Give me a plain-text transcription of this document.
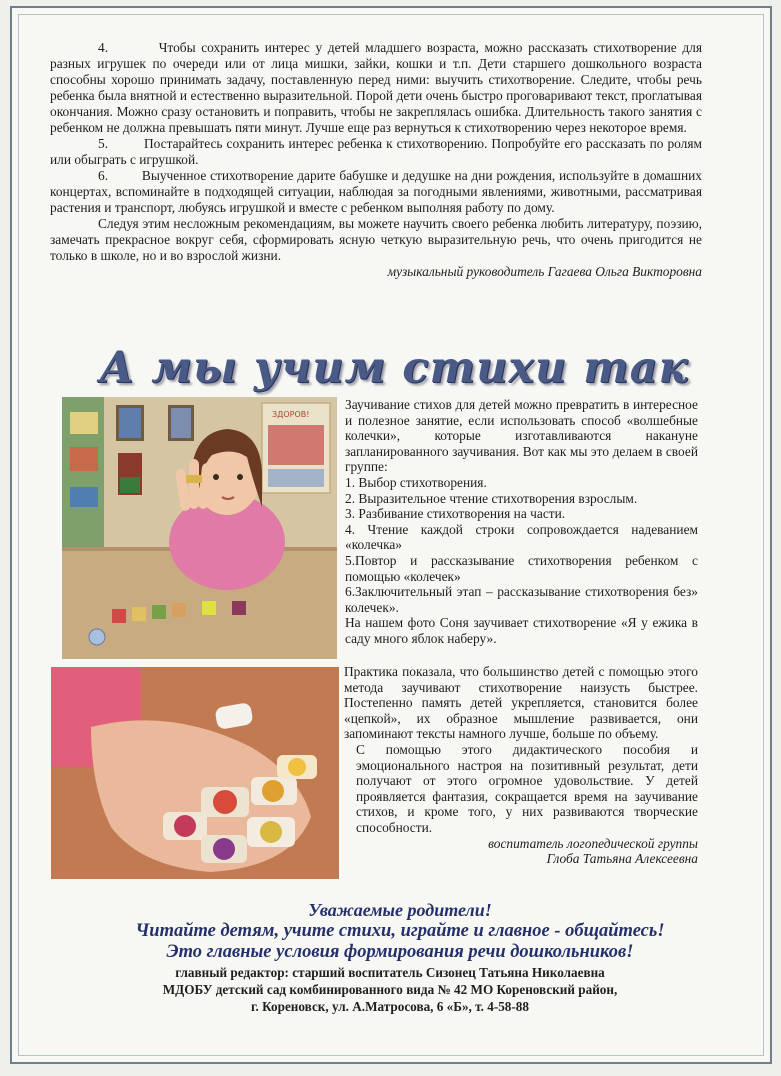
4.         Чтобы сохранить интерес у детей младшего возраста, можно рассказать стихотворение для разных игрушек по очереди или от лица мишки, зайки, кошки и т.п. Дети старшего дошкольного возраста способны хорошо принимать задачу, поставленную перед ними: выучить стихотворение. Следите, чтобы речь ребенка была внятной и естественно выразительной. Порой дети очень быстро проговаривают текст, проглатывая окончания. Можно сразу остановить и поправить, чтобы не закреплялась ошибка. Длительность такого занятия с ребенком не должна превышать пяти минут. Лучше еще раз вернуться к стихотворению через некоторое время.

5.         Постарайтесь сохранить интерес ребенка к стихотворению. Попробуйте его рассказать по ролям или обыграть с игрушкой.

6.         Выученное стихотворение дарите бабушке и дедушке на дни рождения, используйте в домашних концертах, вспоминайте в подходящей ситуации, наблюдая за погодными явлениями, животными, рассматривая растения и транспорт, любуясь игрушкой и вместе с ребенком выполняя работу по дому.

Следуя этим несложным рекомендациям, вы можете научить своего ребенка любить литературу, поэзию, замечать прекрасное вокруг себя, сформировать ясную четкую выразительную речь, что очень пригодится не только в школе, но и во взрослой жизни.

музыкальный руководитель Гагаева Ольга Викторовна

А мы учим стихи так
ЗДОРОВ!

Заучивание стихов для детей можно превратить в интересное и полезное занятие, если использовать способ «волшебные колечки», которые изготавливаются накануне запланированного заучивания. Вот как мы это делаем в своей группе:

1. Выбор стихотворения.

2. Выразительное чтение стихотворения взрослым.

3. Разбивание стихотворения на части.

4. Чтение каждой строки сопровождается надеванием «колечка»

5.Повтор и рассказывание стихотворения ребенком с помощью «колечек»

6.Заключительный этап – рассказывание стихотворения без» колечек».

На нашем фото Соня заучивает стихотворение «Я у ежика в саду много яблок наберу».

Практика показала, что большинство детей с помощью этого метода заучивают стихотворение наизусть быстрее. Постепенно память детей укрепляется, становится более «цепкой», их образное мышление развивается, они запоминают тексты намного лучше, больше по объему.

С помощью этого дидактического пособия и эмоционального настроя на позитивный результат, дети получают от этого огромное удовольствие. У детей проявляется фантазия, сокращается время на заучивание стихов, и кроме того, у них развиваются творческие способности.

воспитатель логопедической группы

Глоба Татьяна Алексеевна

Уважаемые родители!
Читайте детям, учите стихи, играйте и главное - общайтесь!
Это главные условия формирования речи дошкольников!
главный редактор: старший воспитатель Сизонец Татьяна Николаевна
МДОБУ детский сад комбинированного вида № 42 МО Кореновский район,
г. Кореновск, ул. А.Матросова, 6 «Б», т. 4-58-88
